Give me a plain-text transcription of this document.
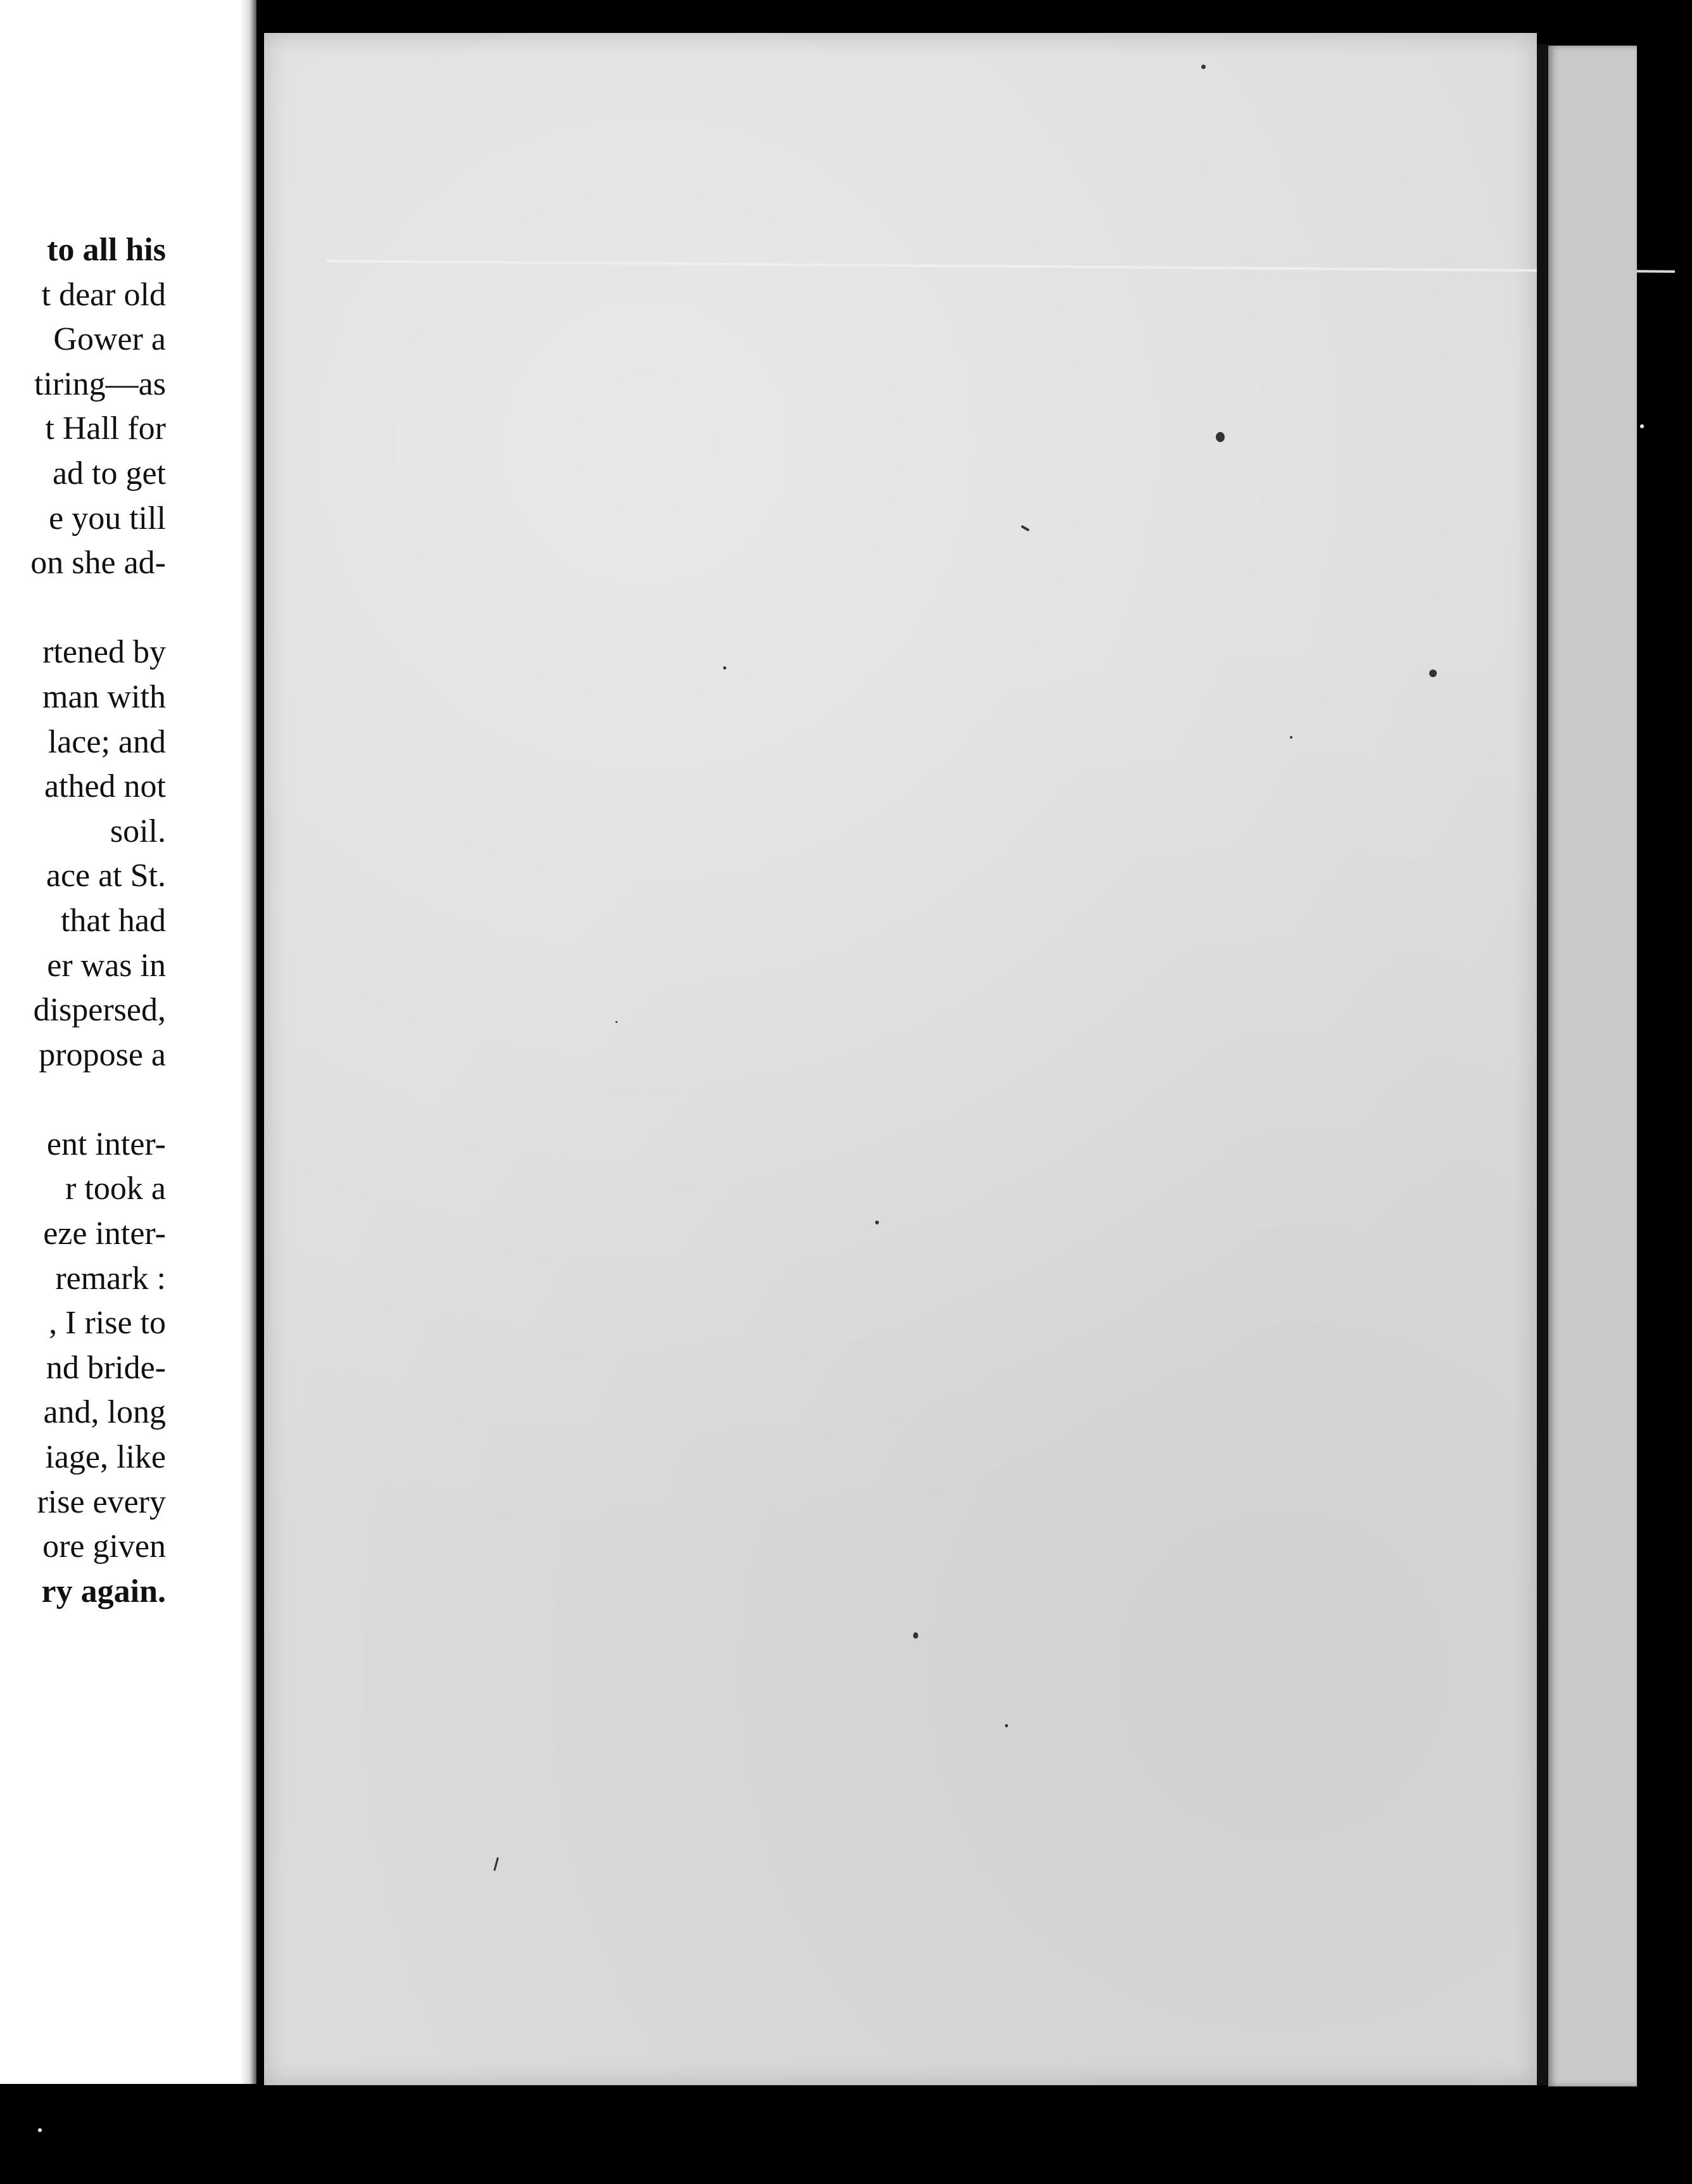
to all his
t dear old
Gower a
tiring—as
t Hall for
ad to get
e you till
on she ad-
rtened by
man with
lace; and
athed not
soil.
ace at St.
that had
er was in
dispersed,
propose a
ent inter-
r took a
eze inter-
remark :
, I rise to
nd bride-
and, long
iage, like
rise every
ore given
ry again.
